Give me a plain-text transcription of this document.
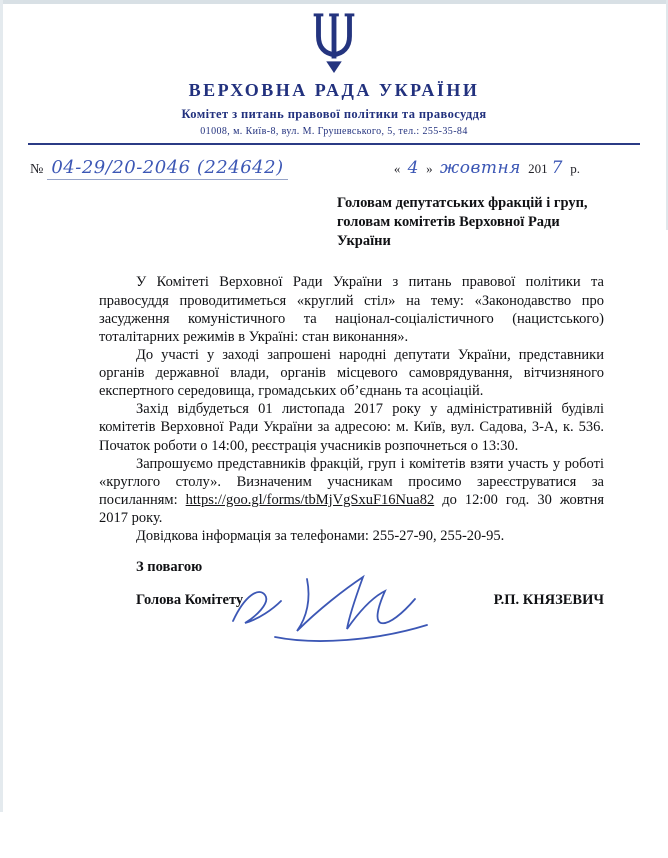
ВЕРХОВНА РАДА УКРАЇНИ
Комітет з питань правової політики та правосуддя
01008, м. Київ-8, вул. М. Грушевського, 5, тел.: 255-35-84
№ 04-29/20-2046 (224642)	« 4 » жовтня 201 7 р.
Головам депутатських фракцій і груп,
головам комітетів Верховної Ради
України

У Комітеті Верховної Ради України з питань правової політики та правосуддя проводитиметься «круглий стіл» на тему: «Законодавство про засудження комуністичного та націонал-соціалістичного (нацистського) тоталітарних режимів в Україні: стан виконання».

До участі у заході запрошені народні депутати України, представники органів державної влади, органів місцевого самоврядування, вітчизняного експертного середовища, громадських об’єднань та асоціацій.

Захід відбудеться 01 листопада 2017 року у адміністративній будівлі комітетів Верховної Ради України за адресою: м. Київ, вул. Садова, 3-А, к. 536. Початок роботи о 14:00, реєстрація учасників розпочнеться о 13:30.

Запрошуємо представників фракцій, груп і комітетів взяти участь у роботі «круглого столу». Визначеним учасникам просимо зареєструватися за посиланням: https://goo.gl/forms/tbMjVgSxuF16Nua82 до 12:00 год. 30 жовтня 2017 року.

Довідкова інформація за телефонами: 255-27-90, 255-20-95.

З повагою
Голова Комітету	Р.П. КНЯЗЕВИЧ
